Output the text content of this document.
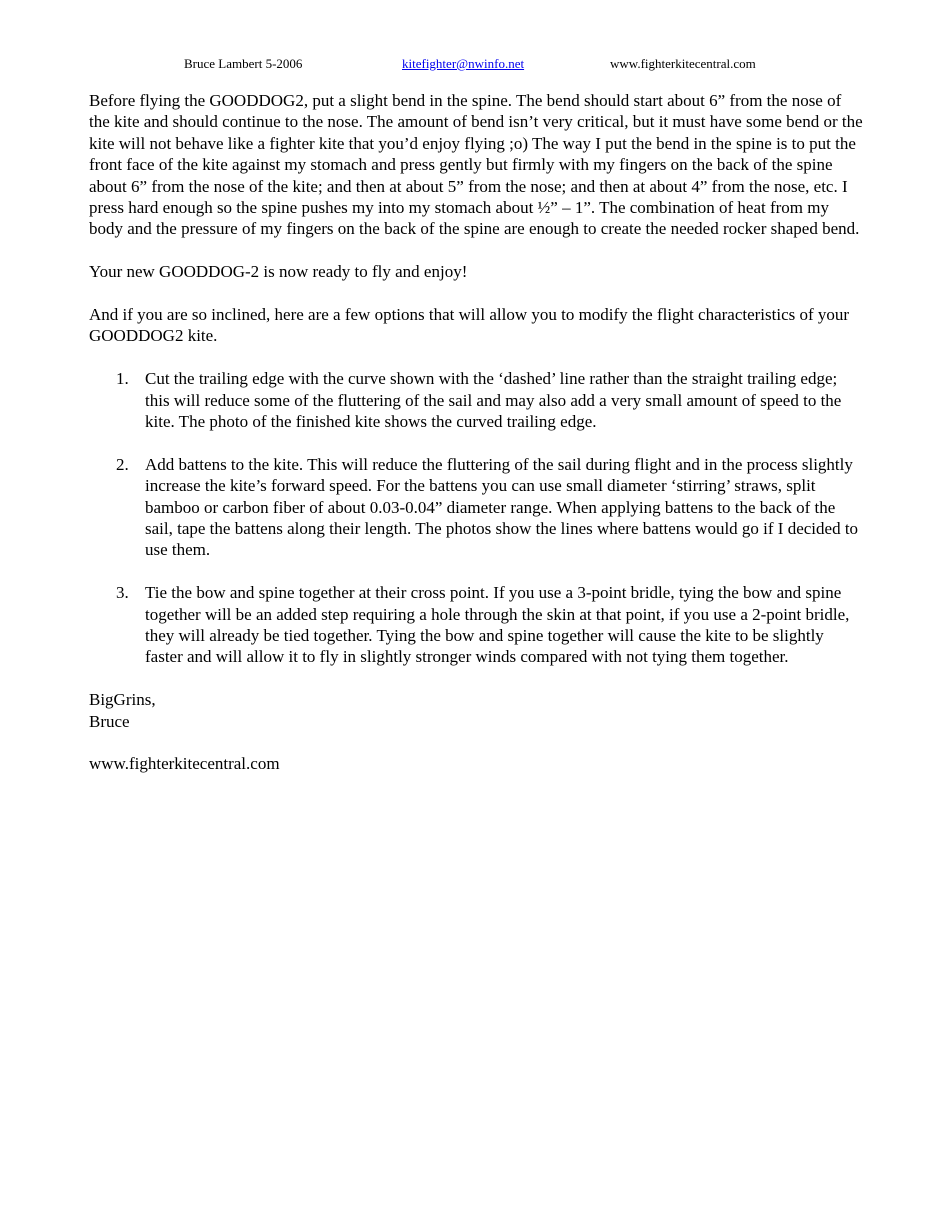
Bruce Lambert 5-2006	kitefighter@nwinfo.net	www.fighterkitecentral.com

Before flying the GOODDOG2, put a slight bend in the spine. The bend should start about 6” from the nose of the kite and should continue to the nose. The amount of bend isn’t very critical, but it must have some bend or the kite will not behave like a fighter kite that you’d enjoy flying ;o) The way I put the bend in the spine is to put the front face of the kite against my stomach and press gently but firmly with my fingers on the back of the spine about 6” from the nose of the kite; and then at about 5” from the nose; and then at about 4” from the nose, etc. I press hard enough so the spine pushes my into my stomach about ½” – 1”. The combination of heat from my body and the pressure of my fingers on the back of the spine are enough to create the needed rocker shaped bend.

Your new GOODDOG-2 is now ready to fly and enjoy!

And if you are so inclined, here are a few options that will allow you to modify the flight characteristics of your GOODDOG2 kite.

1. Cut the trailing edge with the curve shown with the ‘dashed’ line rather than the straight trailing edge; this will reduce some of the fluttering of the sail and may also add a very small amount of speed to the kite. The photo of the finished kite shows the curved trailing edge.
2. Add battens to the kite. This will reduce the fluttering of the sail during flight and in the process slightly increase the kite’s forward speed. For the battens you can use small diameter ‘stirring’ straws, split bamboo or carbon fiber of about 0.03-0.04” diameter range. When applying battens to the back of the sail, tape the battens along their length. The photos show the lines where battens would go if I decided to use them.
3. Tie the bow and spine together at their cross point. If you use a 3-point bridle, tying the bow and spine together will be an added step requiring a hole through the skin at that point, if you use a 2-point bridle, they will already be tied together. Tying the bow and spine together will cause the kite to be slightly faster and will allow it to fly in slightly stronger winds compared with not tying them together.
BigGrins,
Bruce

www.fighterkitecentral.com
